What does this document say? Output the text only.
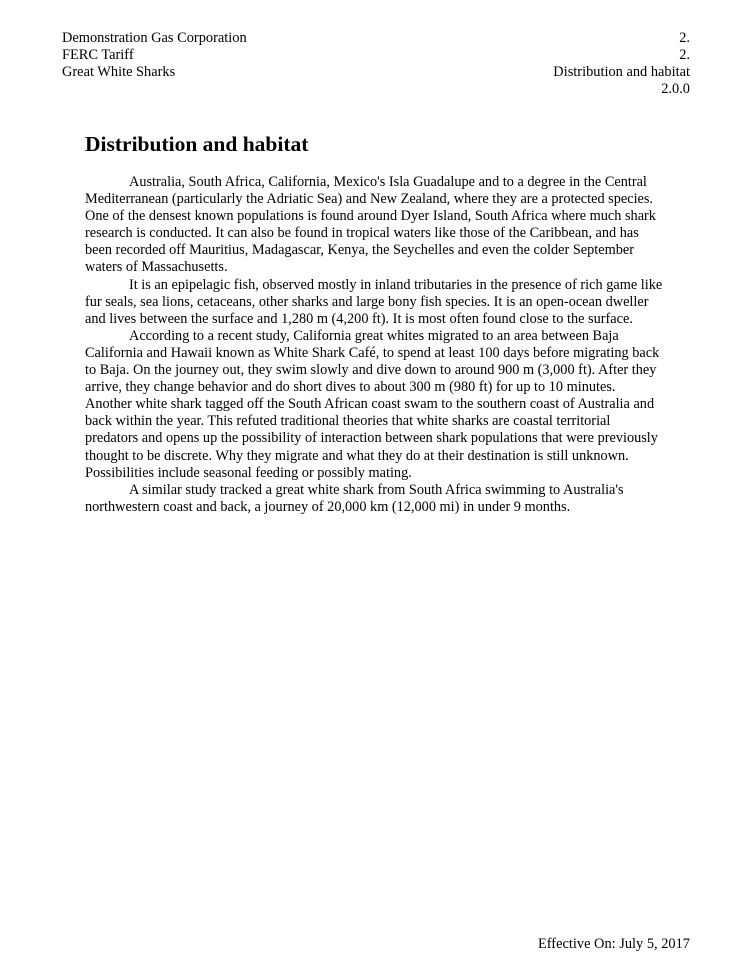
Demonstration Gas Corporation	2.
FERC Tariff	2.
Great White Sharks	Distribution and habitat
2.0.0
Distribution and habitat

Australia, South Africa, California, Mexico's Isla Guadalupe and to a degree in the Central Mediterranean (particularly the Adriatic Sea) and New Zealand, where they are a protected species. One of the densest known populations is found around Dyer Island, South Africa where much shark research is conducted. It can also be found in tropical waters like those of the Caribbean, and has been recorded off Mauritius, Madagascar, Kenya, the Seychelles and even the colder September waters of Massachusetts.

It is an epipelagic fish, observed mostly in inland tributaries in the presence of rich game like fur seals, sea lions, cetaceans, other sharks and large bony fish species. It is an open-ocean dweller and lives between the surface and 1,280 m (4,200 ft). It is most often found close to the surface.

According to a recent study, California great whites migrated to an area between Baja California and Hawaii known as White Shark Café, to spend at least 100 days before migrating back to Baja. On the journey out, they swim slowly and dive down to around 900 m (3,000 ft). After they arrive, they change behavior and do short dives to about 300 m (980 ft) for up to 10 minutes. Another white shark tagged off the South African coast swam to the southern coast of Australia and back within the year. This refuted traditional theories that white sharks are coastal territorial predators and opens up the possibility of interaction between shark populations that were previously thought to be discrete. Why they migrate and what they do at their destination is still unknown. Possibilities include seasonal feeding or possibly mating.

A similar study tracked a great white shark from South Africa swimming to Australia's northwestern coast and back, a journey of 20,000 km (12,000 mi) in under 9 months.

Effective On: July 5, 2017
